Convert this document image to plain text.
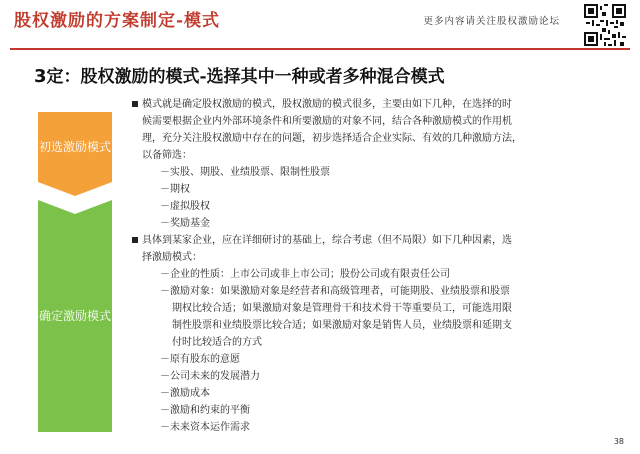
股权激励的方案制定-模式	更多内容请关注股权激励论坛
3定：股权激励的模式-选择其中一种或者多种混合模式
初选激励模式
确定激励模式
模式就是确定股权激励的模式，股权激励的模式很多，主要由如下几种，在选择的时
候需要根据企业内外部环境条件和所要激励的对象不同，结合各种激励模式的作用机
理，充分关注股权激励中存在的问题，初步选择适合企业实际、有效的几种激励方法，
以备筛选：
－实股、期股、业绩股票、限制性股票
－期权
－虚拟股权
－奖励基金
具体到某家企业，应在详细研讨的基础上，综合考虑（但不局限）如下几种因素，选
择激励模式：
－企业的性质：上市公司或非上市公司；股份公司或有限责任公司
－激励对象：如果激励对象是经营者和高级管理者，可能期股、业绩股票和股票
期权比较合适；如果激励对象是管理骨干和技术骨干等重要员工，可能选用限
制性股票和业绩股票比较合适；如果激励对象是销售人员，业绩股票和延期支
付时比较适合的方式
－原有股东的意愿
－公司未来的发展潜力
－激励成本
－激励和约束的平衡
－未来资本运作需求
38
